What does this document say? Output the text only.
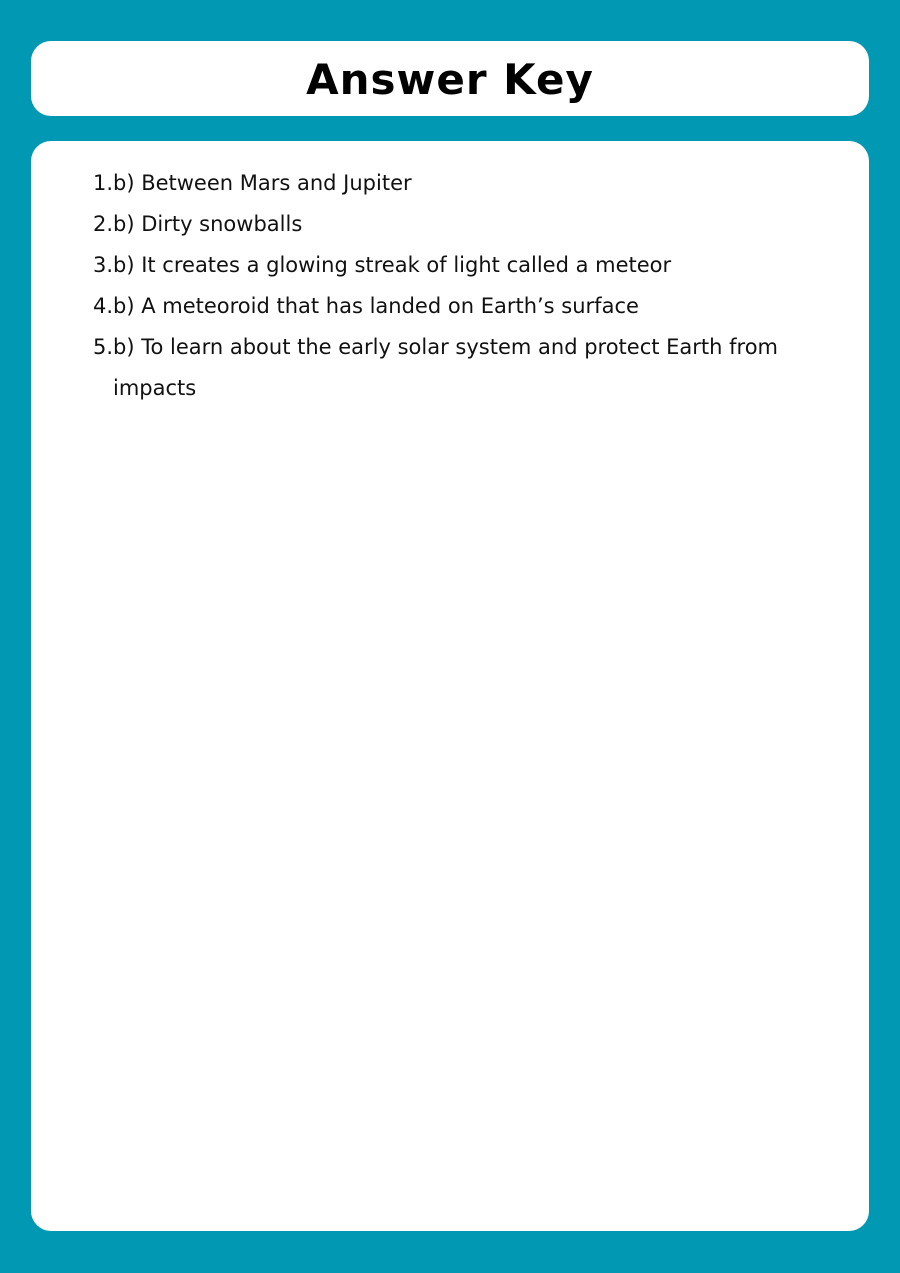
Answer Key
1. b) Between Mars and Jupiter
2. b) Dirty snowballs
3. b) It creates a glowing streak of light called a meteor
4. b) A meteoroid that has landed on Earth’s surface
5. b) To learn about the early solar system and protect Earth from impacts
